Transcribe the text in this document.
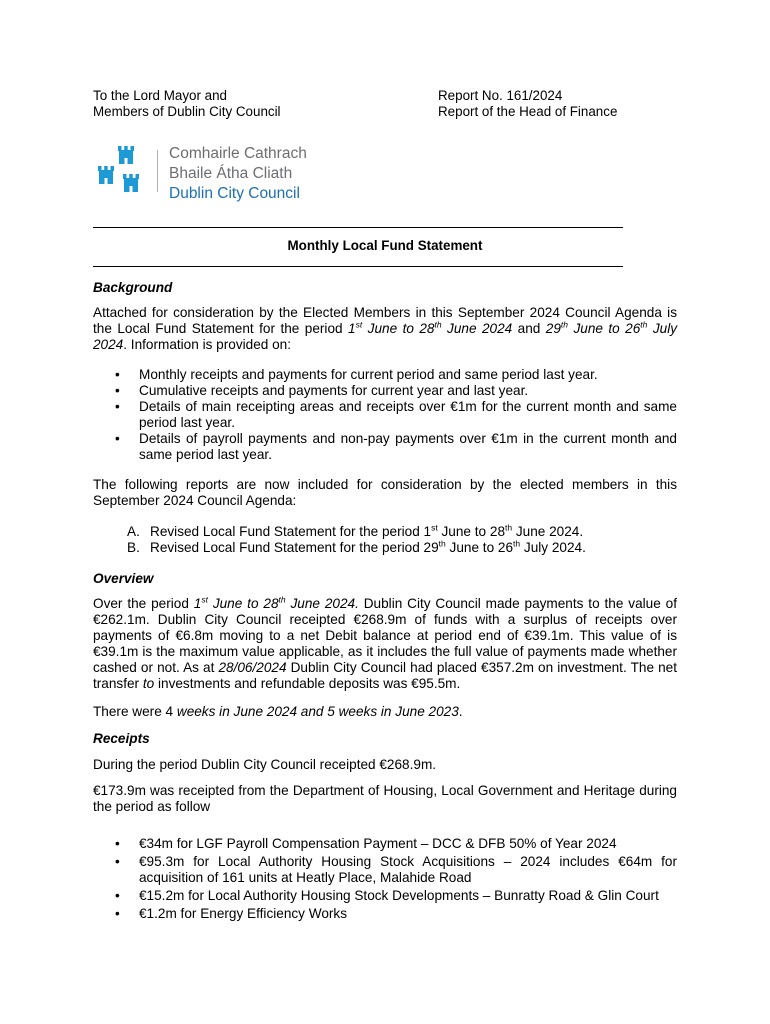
To the Lord Mayor and
Members of Dublin City Council
Report No. 161/2024
Report of the Head of Finance
Comhairle Cathrach
Bhaile Átha Cliath
Dublin City Council
Monthly Local Fund Statement
Background
Attached for consideration by the Elected Members in this September 2024 Council Agenda is the Local Fund Statement for the period 1st June to 28th June 2024 and 29th June to 26th July 2024. Information is provided on:
• Monthly receipts and payments for current period and same period last year.
• Cumulative receipts and payments for current year and last year.
• Details of main receipting areas and receipts over €1m for the current month and same period last year.
• Details of payroll payments and non-pay payments over €1m in the current month and same period last year.
The following reports are now included for consideration by the elected members in this September 2024 Council Agenda:
A. Revised Local Fund Statement for the period 1st June to 28th June 2024.
B. Revised Local Fund Statement for the period 29th June to 26th July 2024.
Overview
Over the period 1st June to 28th June 2024. Dublin City Council made payments to the value of €262.1m. Dublin City Council receipted €268.9m of funds with a surplus of receipts over payments of €6.8m moving to a net Debit balance at period end of €39.1m. This value of is €39.1m is the maximum value applicable, as it includes the full value of payments made whether cashed or not. As at 28/06/2024 Dublin City Council had placed €357.2m on investment. The net transfer to investments and refundable deposits was €95.5m.
There were 4 weeks in June 2024 and 5 weeks in June 2023.
Receipts
During the period Dublin City Council receipted €268.9m.
€173.9m was receipted from the Department of Housing, Local Government and Heritage during the period as follow
• €34m for LGF Payroll Compensation Payment – DCC & DFB 50% of Year 2024
• €95.3m for Local Authority Housing Stock Acquisitions – 2024 includes €64m for acquisition of 161 units at Heatly Place, Malahide Road
• €15.2m for Local Authority Housing Stock Developments – Bunratty Road & Glin Court
• €1.2m for Energy Efficiency Works
